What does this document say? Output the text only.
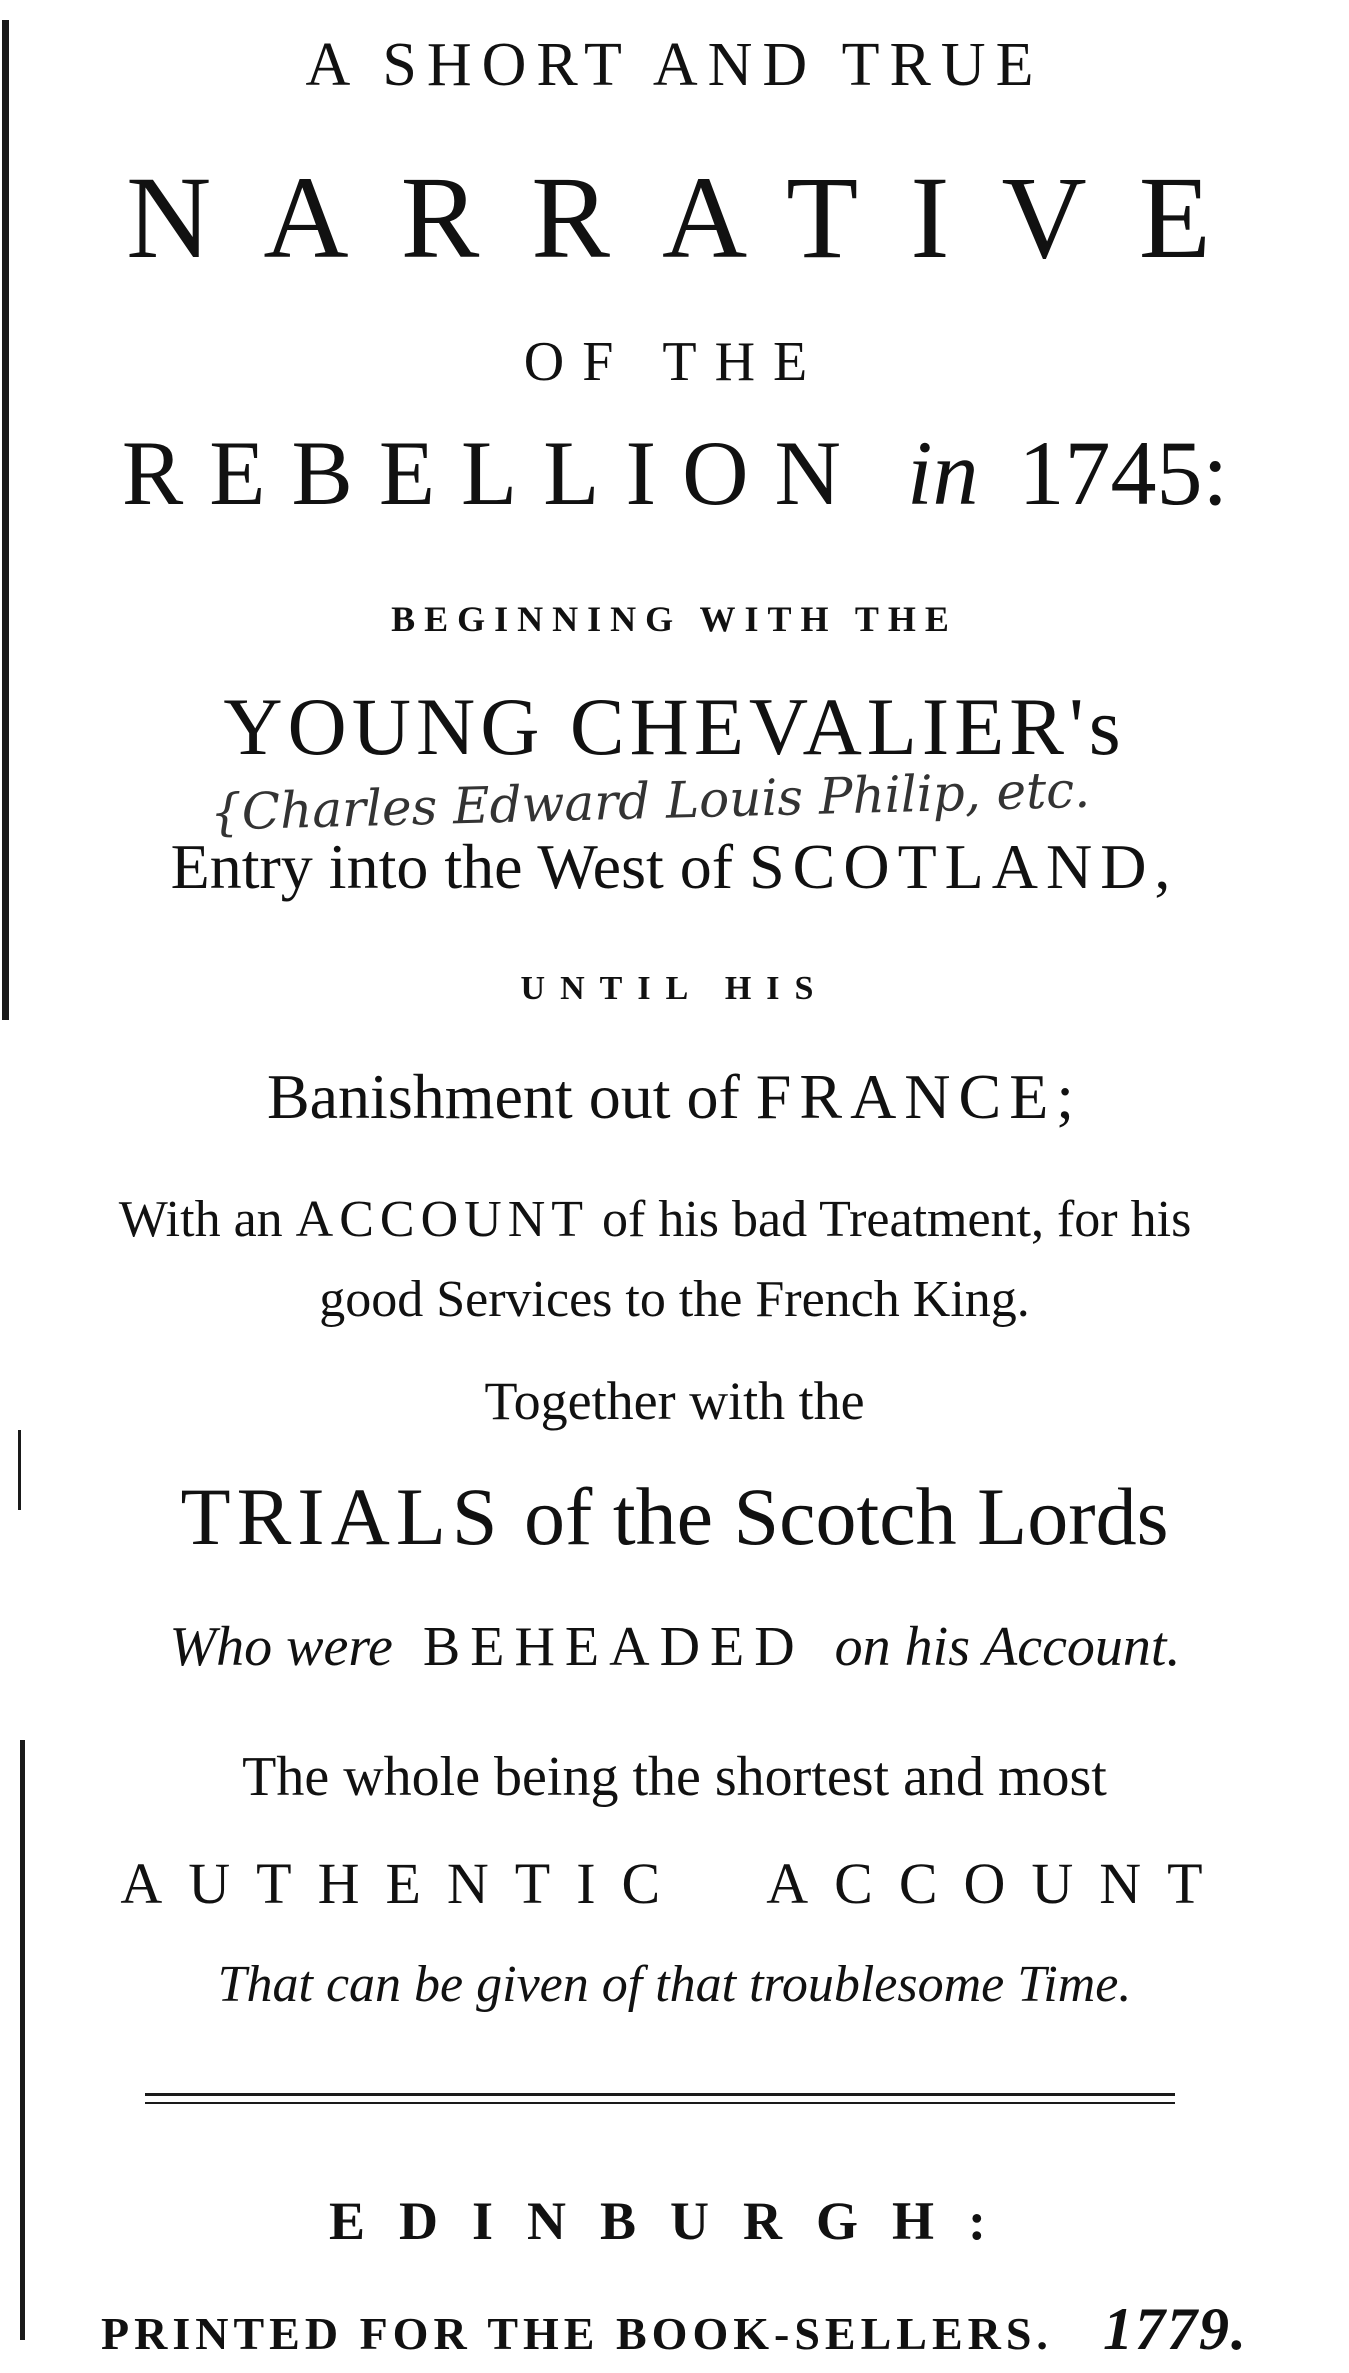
A SHORT AND TRUE
NARRATIVE
OF THE
REBELLION in 1745:
BEGINNING WITH THE
YOUNG CHEVALIER's
{Charles Edward Louis Philip, etc.
Entry into the West of SCOTLAND,
UNTIL HIS
Banishment out of FRANCE;
With an ACCOUNT of his bad Treatment, for his
good Services to the French King.
Together with the
TRIALS of the Scotch Lords
Who were BEHEADED on his Account.
The whole being the shortest and most
AUTHENTIC ACCOUNT
That can be given of that troublesome Time.
EDINBURGH:
PRINTED FOR THE BOOK-SELLERS. 1779.
